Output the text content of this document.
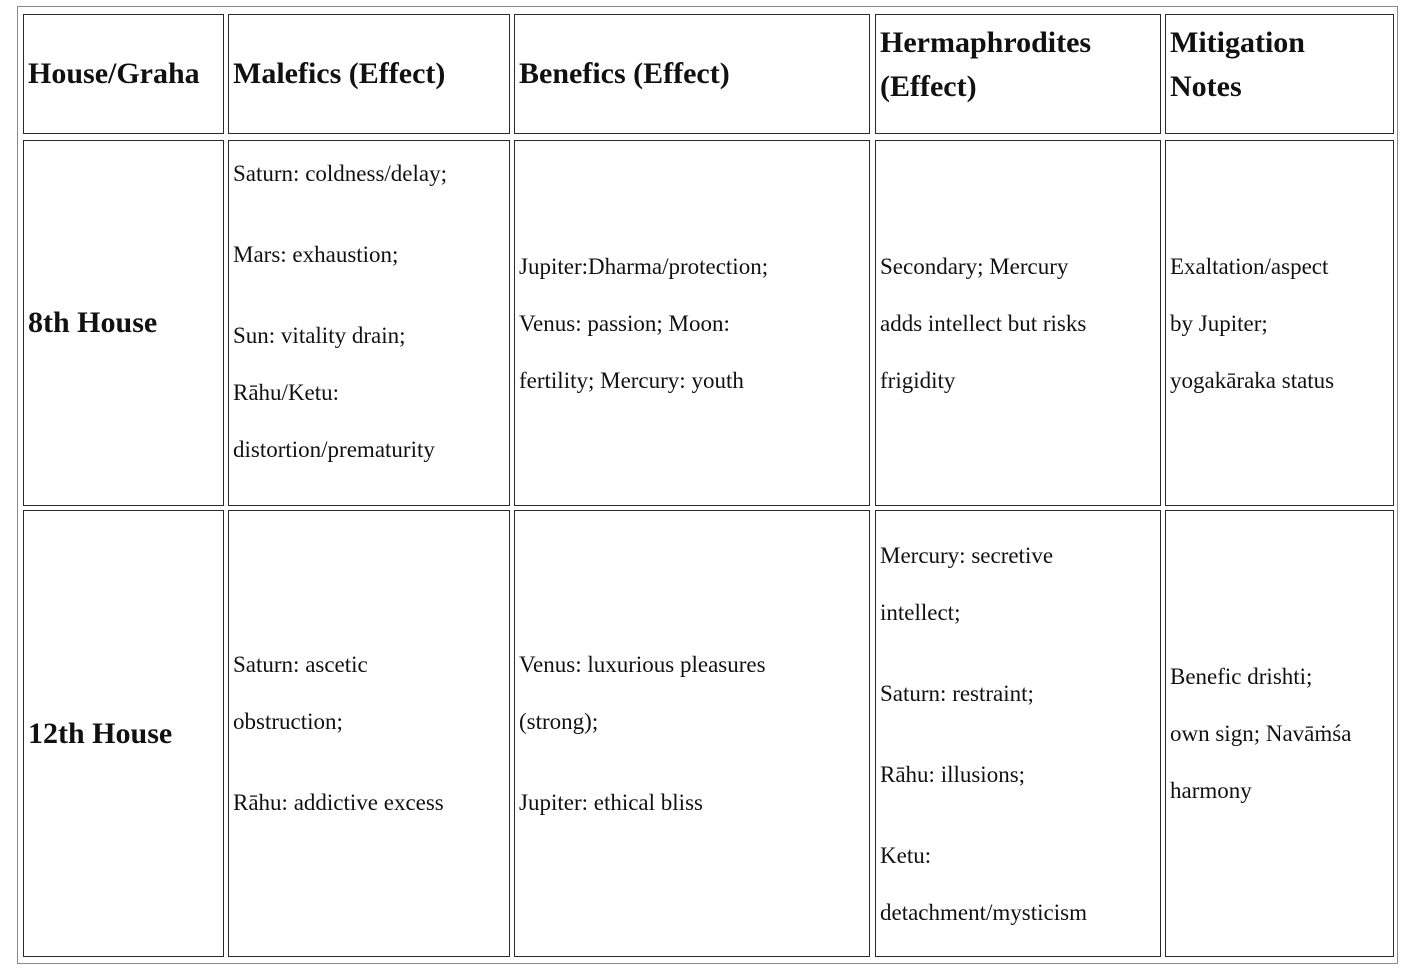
House/Graha	Malefics (Effect)	Benefics (Effect)
Hermaphrodites (Effect)
Mitigation Notes
8th House
Saturn: coldness/delay;
Mars: exhaustion;
Sun: vitality drain;
Rāhu/Ketu:
distortion/prematurity
Jupiter:Dharma/protection;
Venus: passion; Moon:
fertility; Mercury: youth
Secondary; Mercury
adds intellect but risks
frigidity
Exaltation/aspect
by Jupiter;
yogakāraka status
12th House
Saturn: ascetic
obstruction;
Rāhu: addictive excess
Venus: luxurious pleasures
(strong);
Jupiter: ethical bliss
Mercury: secretive
intellect;
Saturn: restraint;
Rāhu: illusions;
Ketu:
detachment/mysticism
Benefic drishti;
own sign; Navāṁśa
harmony
